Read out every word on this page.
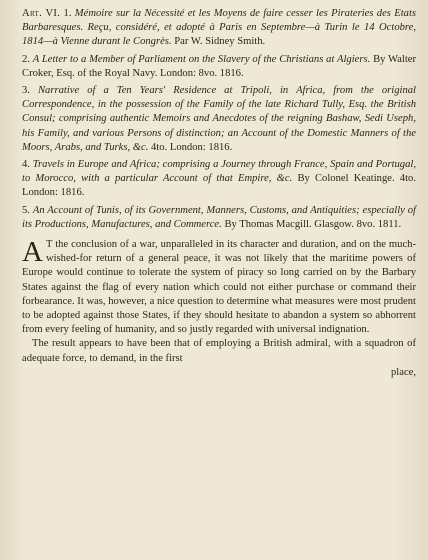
Art. VI. 1. Mémoire sur la Nécessité et les Moyens de faire cesser les Pirateries des Etats Barbaresques. Reçu, considéré, et adopté à Paris en Septembre—à Turin le 14 Octobre, 1814—à Vienne durant le Congrès. Par W. Sidney Smith.

2. A Letter to a Member of Parliament on the Slavery of the Christians at Algiers. By Walter Croker, Esq. of the Royal Navy. London: 8vo. 1816.

3. Narrative of a Ten Years' Residence at Tripoli, in Africa, from the original Correspondence, in the possession of the Family of the late Richard Tully, Esq. the British Consul; comprising authentic Memoirs and Anecdotes of the reigning Bashaw, Sedi Useph, his Family, and various Persons of distinction; an Account of the Domestic Manners of the Moors, Arabs, and Turks, &c. 4to. London: 1816.

4. Travels in Europe and Africa; comprising a Journey through France, Spain and Portugal, to Morocco, with a particular Account of that Empire, &c. By Colonel Keatinge. 4to. London: 1816.

5. An Account of Tunis, of its Government, Manners, Customs, and Antiquities; especially of its Productions, Manufactures, and Commerce. By Thomas Macgill. Glasgow. 8vo. 1811.

A T the conclusion of a war, unparalleled in its character and duration, and on the much-wished-for return of a general peace, it was not likely that the maritime powers of Europe would continue to tolerate the system of piracy so long carried on by the Barbary States against the flag of every nation which could not either purchase or command their forbearance. It was, however, a nice question to determine what measures were most prudent to be adopted against those States, if they should hesitate to abandon a system so abhorrent from every feeling of humanity, and so justly regarded with universal indignation.

The result appears to have been that of employing a British admiral, with a squadron of adequate force, to demand, in the first

place,
